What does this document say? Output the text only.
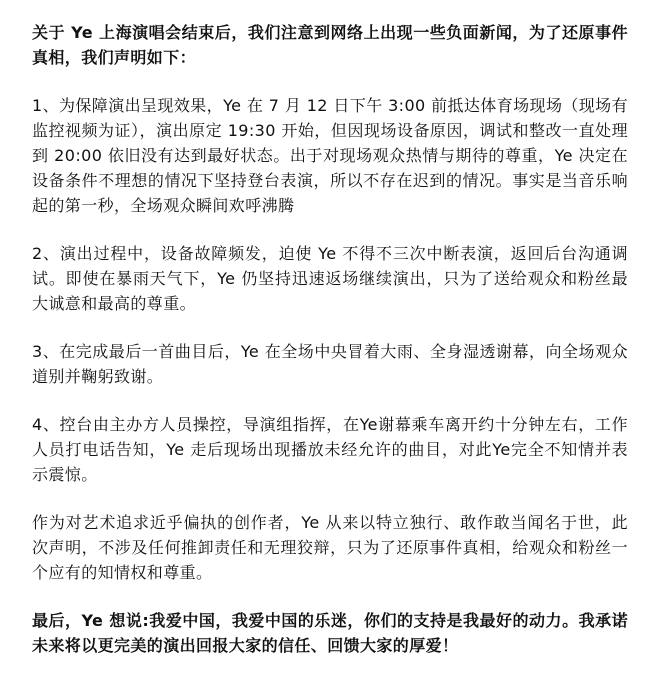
关于 Ye 上海演唱会结束后，我们注意到网络上出现一些负面新闻，为了还原事件真相，我们声明如下：

1、为保障演出呈现效果，Ye 在 7 月 12 日下午 3:00 前抵达体育场现场（现场有监控视频为证），演出原定 19:30 开始，但因现场设备原因，调试和整改一直处理到 20:00 依旧没有达到最好状态。出于对现场观众热情与期待的尊重，Ye 决定在设备条件不理想的情况下坚持登台表演，所以不存在迟到的情况。事实是当音乐响起的第一秒，全场观众瞬间欢呼沸腾

2、演出过程中，设备故障频发，迫使 Ye 不得不三次中断表演，返回后台沟通调试。即使在暴雨天气下，Ye 仍坚持迅速返场继续演出，只为了送给观众和粉丝最大诚意和最高的尊重。

3、在完成最后一首曲目后，Ye 在全场中央冒着大雨、全身湿透谢幕，向全场观众道别并鞠躬致谢。

4、控台由主办方人员操控，导演组指挥，在Ye谢幕乘车离开约十分钟左右，工作人员打电话告知，Ye 走后现场出现播放未经允许的曲目，对此Ye完全不知情并表示震惊。

作为对艺术追求近乎偏执的创作者，Ye 从来以特立独行、敢作敢当闻名于世，此次声明，不涉及任何推卸责任和无理狡辩，只为了还原事件真相，给观众和粉丝一个应有的知情权和尊重。

最后，Ye 想说:我爱中国，我爱中国的乐迷，你们的支持是我最好的动力。我承诺未来将以更完美的演出回报大家的信任、回馈大家的厚爱！
